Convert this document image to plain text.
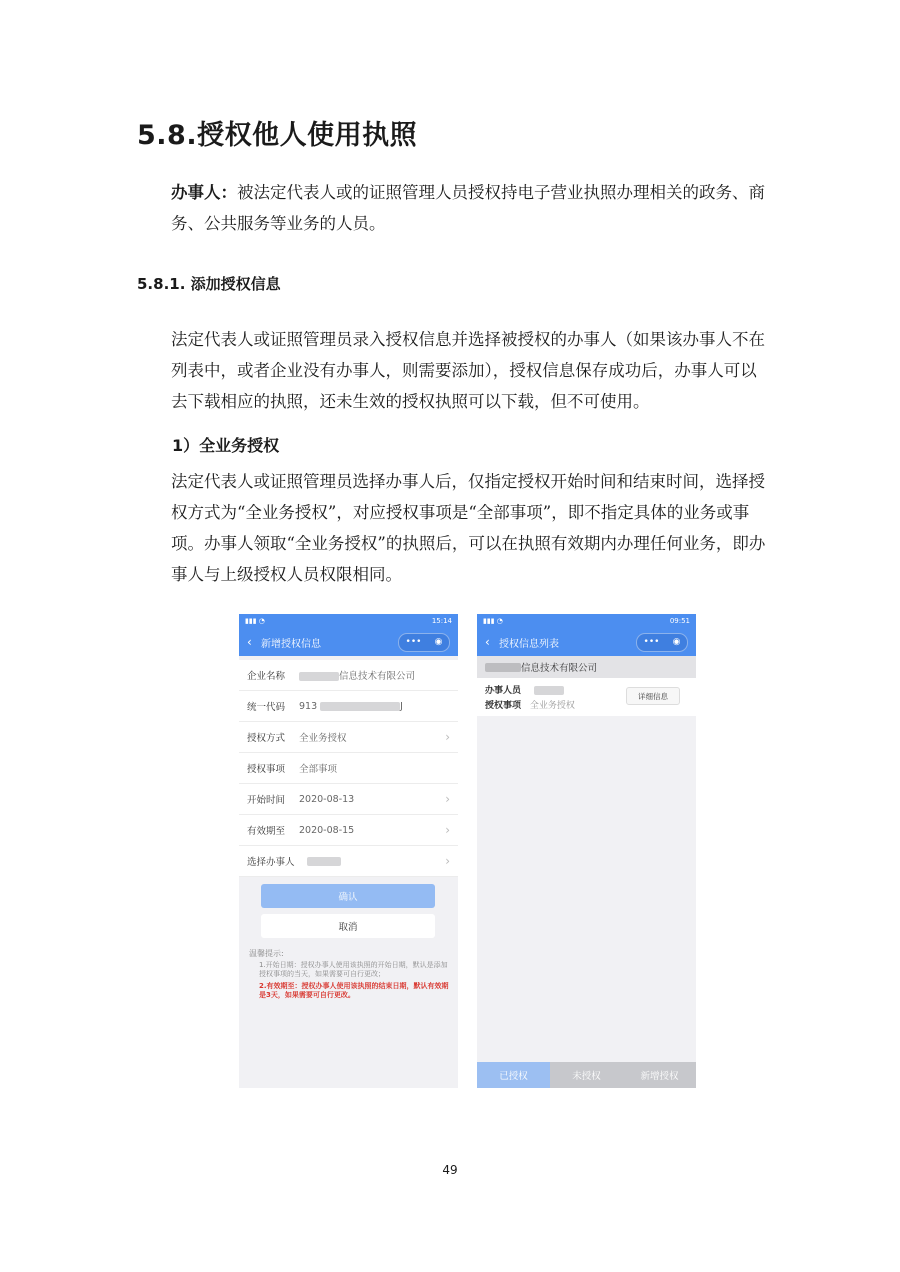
5.8.授权他人使用执照
办事人：被法定代表人或的证照管理人员授权持电子营业执照办理相关的政务、商务、公共服务等业务的人员。
5.8.1. 添加授权信息
法定代表人或证照管理员录入授权信息并选择被授权的办事人（如果该办事人不在列表中，或者企业没有办事人，则需要添加），授权信息保存成功后，办事人可以去下载相应的执照，还未生效的授权执照可以下载，但不可使用。
1）全业务授权
法定代表人或证照管理员选择办事人后，仅指定授权开始时间和结束时间，选择授权方式为“全业务授权”，对应授权事项是“全部事项”，即不指定具体的业务或事项。办事人领取“全业务授权”的执照后，可以在执照有效期内办理任何业务，即办事人与上级授权人员权限相同。
▮▮▮ ◔	15:14
‹ 新增授权信息	••• ◉
企业名称	信息技术有限公司
统一代码	913	J
授权方式	全业务授权	›
授权事项	全部事项
开始时间	2020-08-13	›
有效期至	2020-08-15	›
选择办事人	›
确认
取消
温馨提示:
1.开始日期：授权办事人使用该执照的开始日期，默认是添加授权事项的当天，如果需要可自行更改；
2.有效期至：授权办事人使用该执照的结束日期，默认有效期是3天，如果需要可自行更改。
▮▮▮ ◔	09:51
‹ 授权信息列表	••• ◉
信息技术有限公司
办事人员
授权事项 全业务授权
详细信息
已授权	未授权	新增授权
49
